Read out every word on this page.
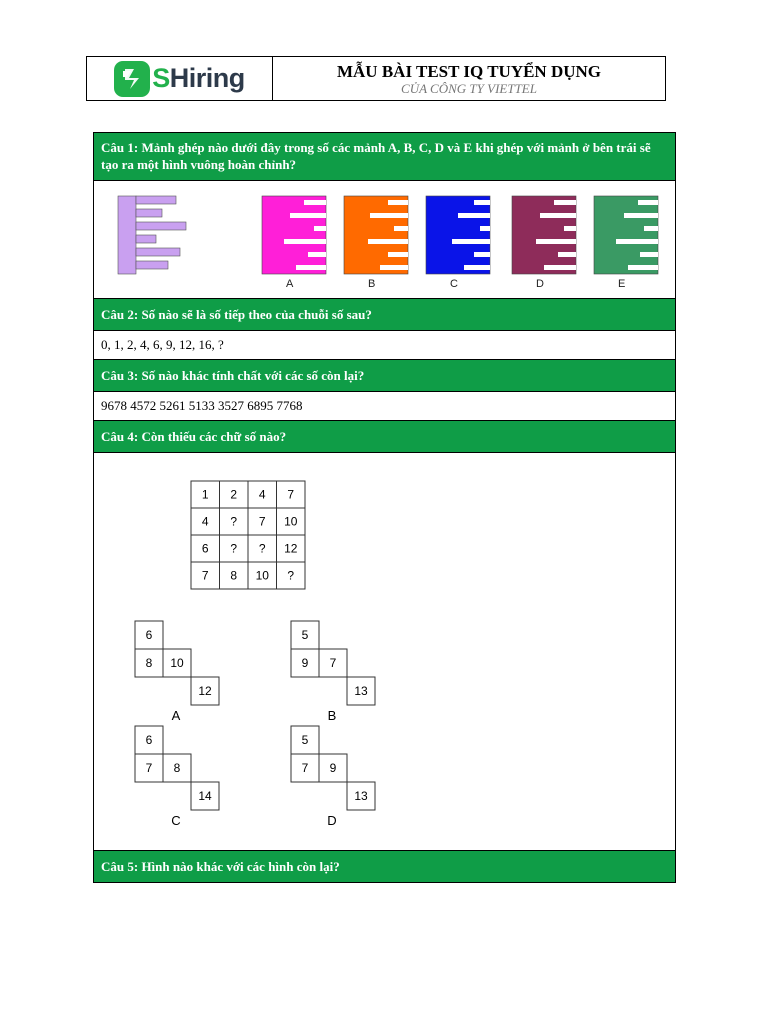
SHiring	MẪU BÀI TEST IQ TUYỂN DỤNG
CỦA CÔNG TY VIETTEL
Câu 1: Mảnh ghép nào dưới đây trong số các mảnh A, B, C, D và E khi ghép với mảnh ở bên trái sẽ tạo ra một hình vuông hoàn chỉnh?
A	B	C	D	E
Câu 2: Số nào sẽ là số tiếp theo của chuỗi số sau?
0, 1, 2, 4, 6, 9, 12, 16, ?
Câu 3: Số nào khác tính chất với các số còn lại?
9678 4572 5261 5133 3527 6895 7768
Câu 4: Còn thiếu các chữ số nào?
1 2 4 7
4 ? 7 10
6 ? ? 12
7 8 10 ?
6
8 10
12
A
5
9 7
13
B
6
7 8
14
C
5
7 9
13
D
Câu 5: Hình nào khác với các hình còn lại?
